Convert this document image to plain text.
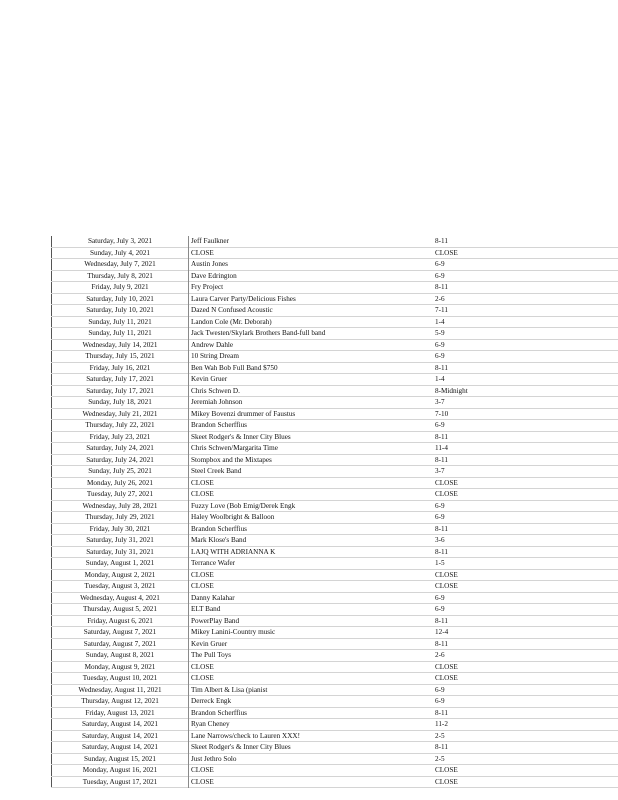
Saturday, July 3, 2021	Jeff Faulkner	8-11
Sunday, July 4, 2021	CLOSE	CLOSE
Wednesday, July 7, 2021	Austin Jones	6-9
Thursday, July 8, 2021	Dave Edrington	6-9
Friday, July 9, 2021	Fry Project	8-11
Saturday, July 10, 2021	Laura Carver Party/Delicious Fishes	2-6
Saturday, July 10, 2021	Dazed N Confused Acoustic	7-11
Sunday, July 11, 2021	Landon Cole (Mr. Deborah)	1-4
Sunday, July 11, 2021	Jack Twesten/Skylark Brothers Band-full band	5-9
Wednesday, July 14, 2021	Andrew Dahle	6-9
Thursday, July 15, 2021	10 String Dream	6-9
Friday, July 16, 2021	Ben Wah Bob Full Band $750	8-11
Saturday, July 17, 2021	Kevin Gruer	1-4
Saturday, July 17, 2021	Chris Schwen D.	8-Midnight
Sunday, July 18, 2021	Jeremiah Johnson	3-7
Wednesday, July 21, 2021	Mikey Bovenzi drummer of Faustus	7-10
Thursday, July 22, 2021	Brandon Scherffius	6-9
Friday, July 23, 2021	Skeet Rodger's & Inner City Blues	8-11
Saturday, July 24, 2021	Chris Schwen/Margarita Time	11-4
Saturday, July 24, 2021	Stompbox and the Mixtapes	8-11
Sunday, July 25, 2021	Steel Creek Band	3-7
Monday, July 26, 2021	CLOSE	CLOSE
Tuesday, July 27, 2021	CLOSE	CLOSE
Wednesday, July 28, 2021	Fuzzy Love (Bob Emig/Derek Engk	6-9
Thursday, July 29, 2021	Haley Woolbright & Balloon	6-9
Friday, July 30, 2021	Brandon Scherffius	8-11
Saturday, July 31, 2021	Mark Klose's Band	3-6
Saturday, July 31, 2021	LAJQ WITH ADRIANNA K	8-11
Sunday, August 1, 2021	Terrance Wafer	1-5
Monday, August 2, 2021	CLOSE	CLOSE
Tuesday, August 3, 2021	CLOSE	CLOSE
Wednesday, August 4, 2021	Danny Kalahar	6-9
Thursday, August 5, 2021	ELT Band	6-9
Friday, August 6, 2021	PowerPlay Band	8-11
Saturday, August 7, 2021	Mikey Lanini-Country music	12-4
Saturday, August 7, 2021	Kevin Gruer	8-11
Sunday, August 8, 2021	The Pull Toys	2-6
Monday, August 9, 2021	CLOSE	CLOSE
Tuesday, August 10, 2021	CLOSE	CLOSE
Wednesday, August 11, 2021	Tim Albert & Lisa (pianist	6-9
Thursday, August 12, 2021	Derreck Engk	6-9
Friday, August 13, 2021	Brandon Scherffius	8-11
Saturday, August 14, 2021	Ryan Cheney	11-2
Saturday, August 14, 2021	Lane Narrows/check to Lauren XXX!	2-5
Saturday, August 14, 2021	Skeet Rodger's & Inner City Blues	8-11
Sunday, August 15, 2021	Just Jethro Solo	2-5
Monday, August 16, 2021	CLOSE	CLOSE
Tuesday, August 17, 2021	CLOSE	CLOSE
